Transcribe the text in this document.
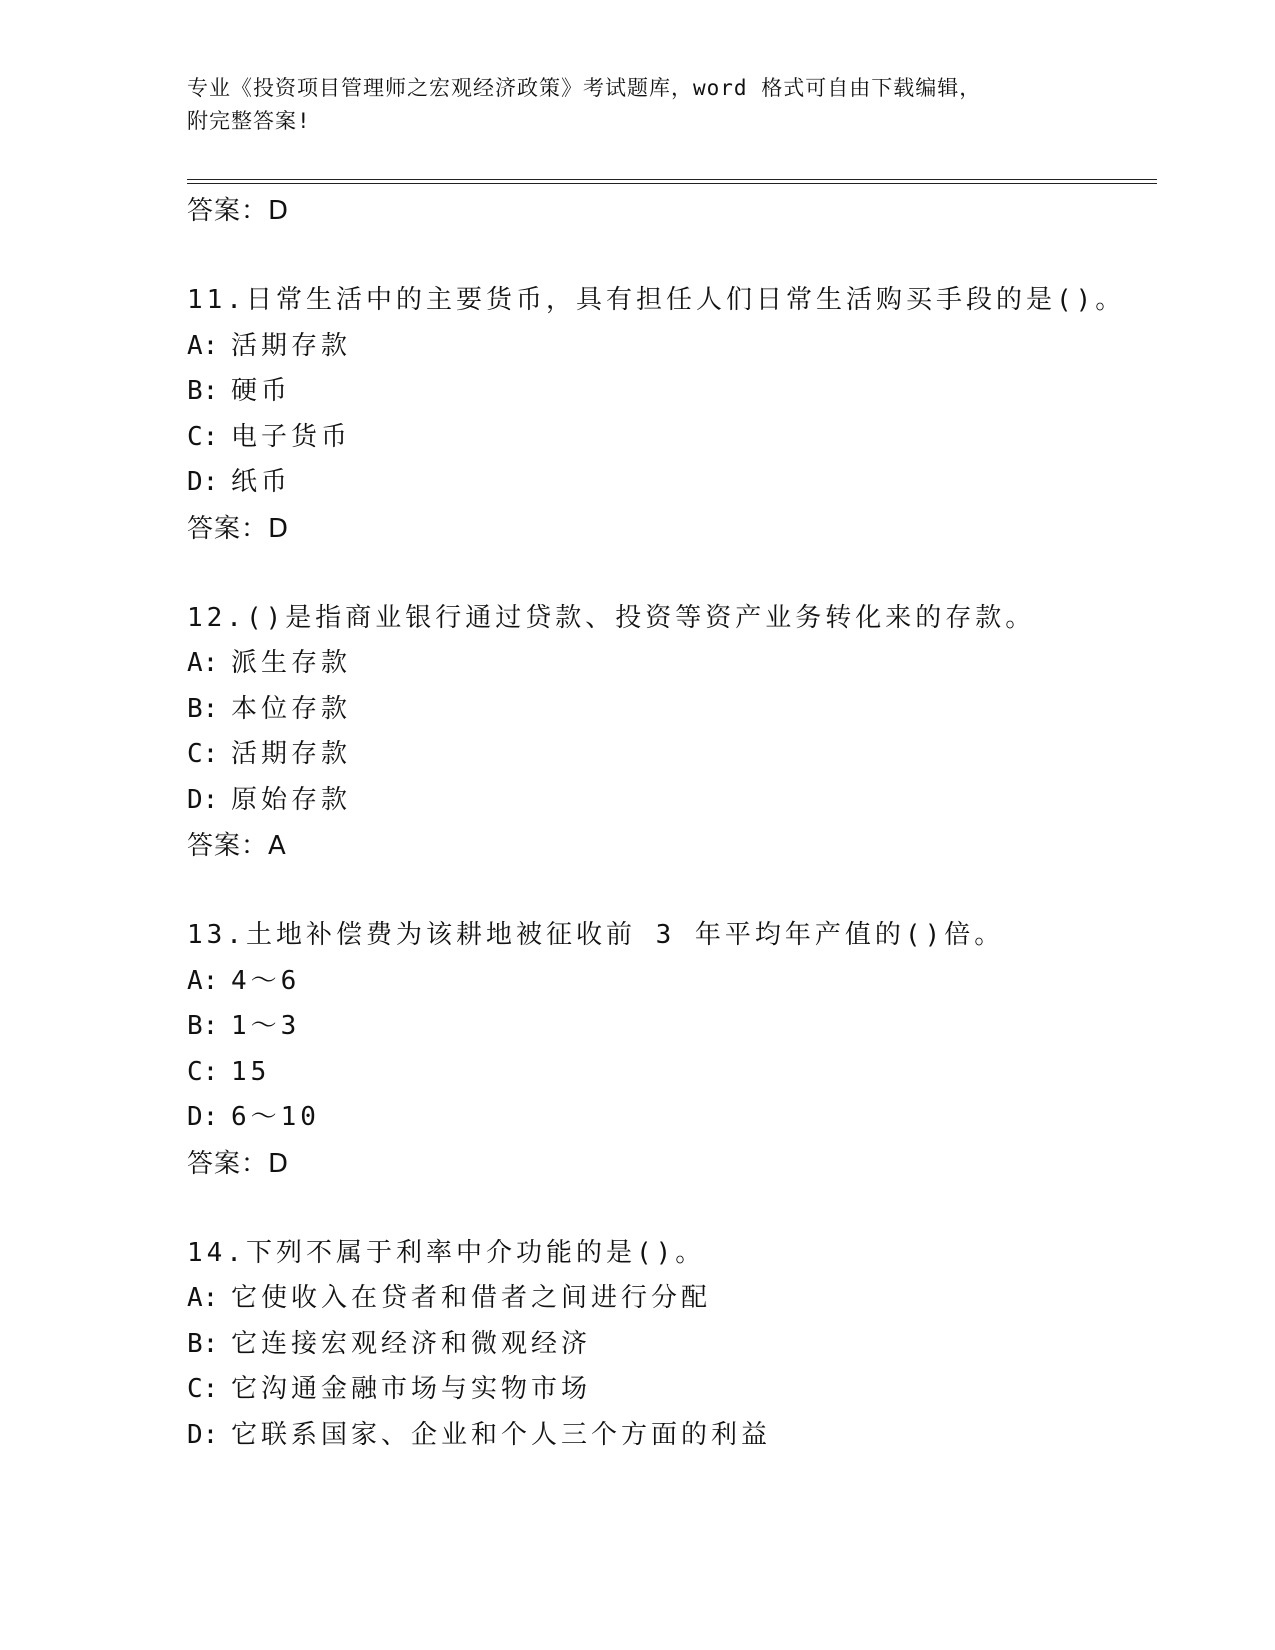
专业《投资项目管理师之宏观经济政策》考试题库，word 格式可自由下载编辑，
附完整答案!
答案：D
11.日常生活中的主要货币，具有担任人们日常生活购买手段的是()。
A: 活期存款
B: 硬币
C: 电子货币
D: 纸币
答案：D
12.()是指商业银行通过贷款、投资等资产业务转化来的存款。
A: 派生存款
B: 本位存款
C: 活期存款
D: 原始存款
答案：A
13.土地补偿费为该耕地被征收前 3 年平均年产值的()倍。
A: 4～6
B: 1～3
C: 15
D: 6～10
答案：D
14.下列不属于利率中介功能的是()。
A: 它使收入在贷者和借者之间进行分配
B: 它连接宏观经济和微观经济
C: 它沟通金融市场与实物市场
D: 它联系国家、企业和个人三个方面的利益
